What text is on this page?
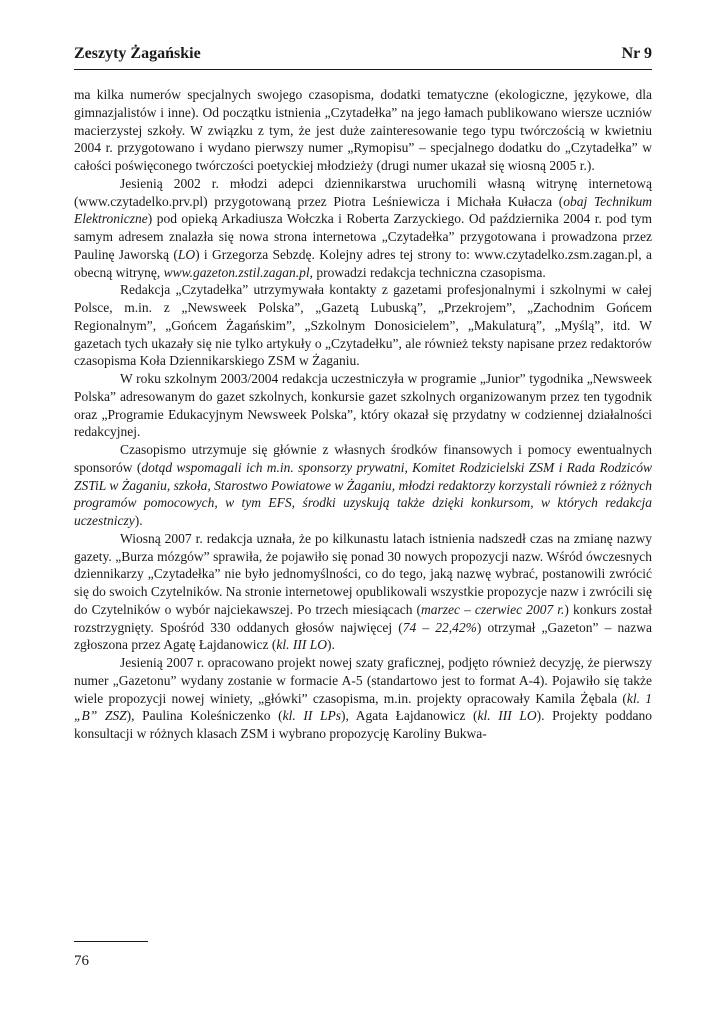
Zeszyty Żagańskie	Nr 9

ma kilka numerów specjalnych swojego czasopisma, dodatki tematyczne (ekologiczne, językowe, dla gimnazjalistów i inne). Od początku istnienia „Czytadełka” na jego łamach publikowano wiersze uczniów macierzystej szkoły. W związku z tym, że jest duże zainteresowanie tego typu twórczością w kwietniu 2004 r. przygotowano i wydano pierwszy numer „Rymopisu” – specjalnego dodatku do „Czytadełka” w całości poświęconego twórczości poetyckiej młodzieży (drugi numer ukazał się wiosną 2005 r.).

Jesienią 2002 r. młodzi adepci dziennikarstwa uruchomili własną witrynę internetową (www.czytadelko.prv.pl) przygotowaną przez Piotra Leśniewicza i Michała Kułacza (obaj Technikum Elektroniczne) pod opieką Arkadiusza Wołczka i Roberta Zarzyckiego. Od października 2004 r. pod tym samym adresem znalazła się nowa strona internetowa „Czytadełka” przygotowana i prowadzona przez Paulinę Jaworską (LO) i Grzegorza Sebzdę. Kolejny adres tej strony to: www.czytadelko.zsm.zagan.pl, a obecną witrynę, www.gazeton.zstil.zagan.pl, prowadzi redakcja techniczna czasopisma.

Redakcja „Czytadełka” utrzymywała kontakty z gazetami profesjonalnymi i szkolnymi w całej Polsce, m.in. z „Newsweek Polska”, „Gazetą Lubuską”, „Przekrojem”, „Zachodnim Gońcem Regionalnym”, „Gońcem Żagańskim”, „Szkolnym Donosicielem”, „Makulaturą”, „Myślą”, itd. W gazetach tych ukazały się nie tylko artykuły o „Czytadełku”, ale również teksty napisane przez redaktorów czasopisma Koła Dziennikarskiego ZSM w Żaganiu.

W roku szkolnym 2003/2004 redakcja uczestniczyła w programie „Junior” tygodnika „Newsweek Polska” adresowanym do gazet szkolnych, konkursie gazet szkolnych organizowanym przez ten tygodnik oraz „Programie Edukacyjnym Newsweek Polska”, który okazał się przydatny w codziennej działalności redakcyjnej.

Czasopismo utrzymuje się głównie z własnych środków finansowych i pomocy ewentualnych sponsorów (dotąd wspomagali ich m.in. sponsorzy prywatni, Komitet Rodzicielski ZSM i Rada Rodziców ZSTiL w Żaganiu, szkoła, Starostwo Powiatowe w Żaganiu, młodzi redaktorzy korzystali również z różnych programów pomocowych, w tym EFS, środki uzyskują także dzięki konkursom, w których redakcja uczestniczy).

Wiosną 2007 r. redakcja uznała, że po kilkunastu latach istnienia nadszedł czas na zmianę nazwy gazety. „Burza mózgów” sprawiła, że pojawiło się ponad 30 nowych propozycji nazw. Wśród ówczesnych dziennikarzy „Czytadełka” nie było jednomyślności, co do tego, jaką nazwę wybrać, postanowili zwrócić się do swoich Czytelników. Na stronie internetowej opublikowali wszystkie propozycje nazw i zwrócili się do Czytelników o wybór najciekawszej. Po trzech miesiącach (marzec – czerwiec 2007 r.) konkurs został rozstrzygnięty. Spośród 330 oddanych głosów najwięcej (74 – 22,42%) otrzymał „Gazeton” – nazwa zgłoszona przez Agatę Łajdanowicz (kl. III LO).

Jesienią 2007 r. opracowano projekt nowej szaty graficznej, podjęto również decyzję, że pierwszy numer „Gazetonu” wydany zostanie w formacie A-5 (standartowo jest to format A-4). Pojawiło się także wiele propozycji nowej winiety, „główki” czasopisma, m.in. projekty opracowały Kamila Żębala (kl. 1 „B” ZSZ), Paulina Koleśniczenko (kl. II LPs), Agata Łajdanowicz (kl. III LO). Projekty poddano konsultacji w różnych klasach ZSM i wybrano propozycję Karoliny Bukwa-

76
